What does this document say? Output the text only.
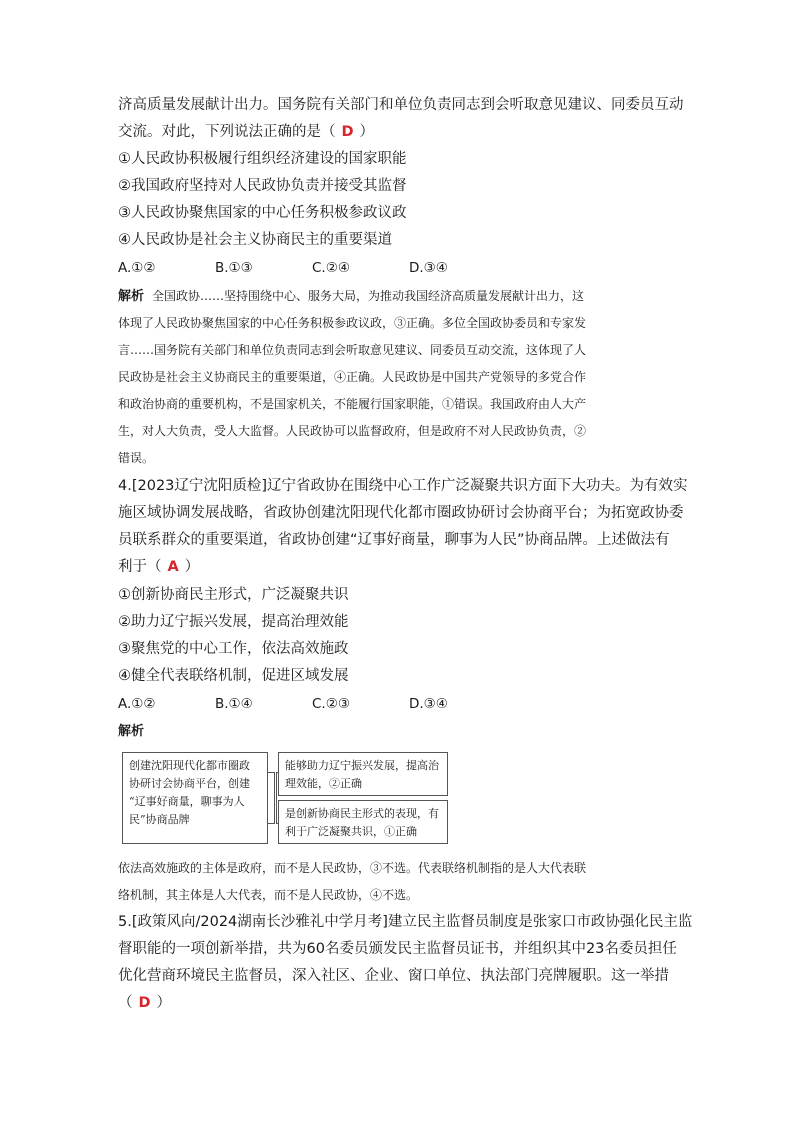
济高质量发展献计出力。国务院有关部门和单位负责同志到会听取意见建议、同委员互动
交流。对此，下列说法正确的是（ D ）
①人民政协积极履行组织经济建设的国家职能
②我国政府坚持对人民政协负责并接受其监督
③人民政协聚焦国家的中心任务积极参政议政
④人民政协是社会主义协商民主的重要渠道
A.①②	B.①③	C.②④	D.③④
解析 全国政协……坚持围绕中心、服务大局，为推动我国经济高质量发展献计出力，这
体现了人民政协聚焦国家的中心任务积极参政议政，③正确。多位全国政协委员和专家发
言……国务院有关部门和单位负责同志到会听取意见建议、同委员互动交流，这体现了人
民政协是社会主义协商民主的重要渠道，④正确。人民政协是中国共产党领导的多党合作
和政治协商的重要机构，不是国家机关，不能履行国家职能，①错误。我国政府由人大产
生，对人大负责，受人大监督。人民政协可以监督政府，但是政府不对人民政协负责，②
错误。
4.[2023辽宁沈阳质检]辽宁省政协在围绕中心工作广泛凝聚共识方面下大功夫。为有效实
施区域协调发展战略，省政协创建沈阳现代化都市圈政协研讨会协商平台；为拓宽政协委
员联系群众的重要渠道，省政协创建“辽事好商量，聊事为人民”协商品牌。上述做法有
利于（ A ）
①创新协商民主形式，广泛凝聚共识
②助力辽宁振兴发展，提高治理效能
③聚焦党的中心工作，依法高效施政
④健全代表联络机制，促进区域发展
A.①②	B.①④	C.②③	D.③④
解析
创建沈阳现代化都市圈政
协研讨会协商平台，创建
“辽事好商量，聊事为人
民”协商品牌
能够助力辽宁振兴发展，提高治
理效能，②正确
是创新协商民主形式的表现，有
利于广泛凝聚共识，①正确
依法高效施政的主体是政府，而不是人民政协，③不选。代表联络机制指的是人大代表联
络机制，其主体是人大代表，而不是人民政协，④不选。
5.[政策风向/2024湖南长沙雅礼中学月考]建立民主监督员制度是张家口市政协强化民主监
督职能的一项创新举措，共为60名委员颁发民主监督员证书，并组织其中23名委员担任
优化营商环境民主监督员，深入社区、企业、窗口单位、执法部门亮牌履职。这一举措
（ D ）
